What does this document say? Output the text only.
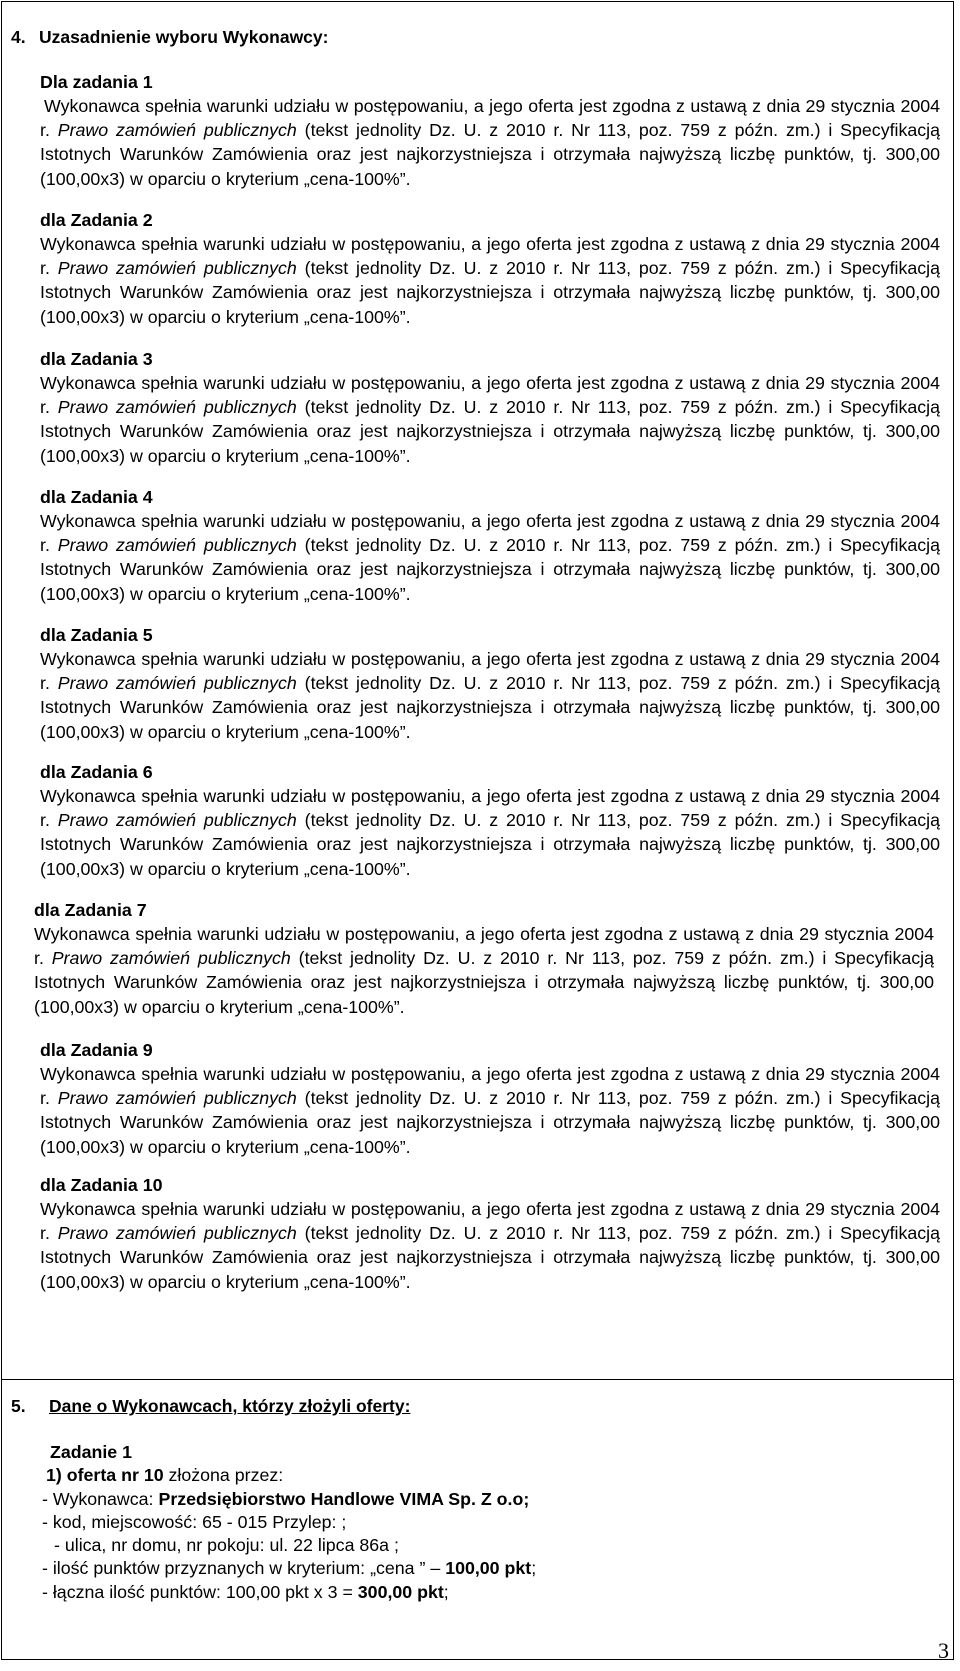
4. Uzasadnienie wyboru Wykonawcy:
Dla zadania 1
Wykonawca spełnia warunki udziału w postępowaniu, a jego oferta jest zgodna z ustawą z dnia 29 stycznia 2004 r. Prawo zamówień publicznych (tekst jednolity Dz. U. z 2010 r. Nr 113, poz. 759 z późn. zm.) i Specyfikacją Istotnych Warunków Zamówienia oraz jest najkorzystniejsza i otrzymała najwyższą liczbę punktów, tj. 300,00 (100,00x3) w oparciu o kryterium „cena-100%”.
dla Zadania 2
Wykonawca spełnia warunki udziału w postępowaniu, a jego oferta jest zgodna z ustawą z dnia 29 stycznia 2004 r. Prawo zamówień publicznych (tekst jednolity Dz. U. z 2010 r. Nr 113, poz. 759 z późn. zm.) i Specyfikacją Istotnych Warunków Zamówienia oraz jest najkorzystniejsza i otrzymała najwyższą liczbę punktów, tj. 300,00 (100,00x3) w oparciu o kryterium „cena-100%”.
dla Zadania 3
Wykonawca spełnia warunki udziału w postępowaniu, a jego oferta jest zgodna z ustawą z dnia 29 stycznia 2004 r. Prawo zamówień publicznych (tekst jednolity Dz. U. z 2010 r. Nr 113, poz. 759 z późn. zm.) i Specyfikacją Istotnych Warunków Zamówienia oraz jest najkorzystniejsza i otrzymała najwyższą liczbę punktów, tj. 300,00 (100,00x3) w oparciu o kryterium „cena-100%”.
dla Zadania 4
Wykonawca spełnia warunki udziału w postępowaniu, a jego oferta jest zgodna z ustawą z dnia 29 stycznia 2004 r. Prawo zamówień publicznych (tekst jednolity Dz. U. z 2010 r. Nr 113, poz. 759 z późn. zm.) i Specyfikacją Istotnych Warunków Zamówienia oraz jest najkorzystniejsza i otrzymała najwyższą liczbę punktów, tj. 300,00 (100,00x3) w oparciu o kryterium „cena-100%”.
dla Zadania 5
Wykonawca spełnia warunki udziału w postępowaniu, a jego oferta jest zgodna z ustawą z dnia 29 stycznia 2004 r. Prawo zamówień publicznych (tekst jednolity Dz. U. z 2010 r. Nr 113, poz. 759 z późn. zm.) i Specyfikacją Istotnych Warunków Zamówienia oraz jest najkorzystniejsza i otrzymała najwyższą liczbę punktów, tj. 300,00 (100,00x3) w oparciu o kryterium „cena-100%”.
dla Zadania 6
Wykonawca spełnia warunki udziału w postępowaniu, a jego oferta jest zgodna z ustawą z dnia 29 stycznia 2004 r. Prawo zamówień publicznych (tekst jednolity Dz. U. z 2010 r. Nr 113, poz. 759 z późn. zm.) i Specyfikacją Istotnych Warunków Zamówienia oraz jest najkorzystniejsza i otrzymała najwyższą liczbę punktów, tj. 300,00 (100,00x3) w oparciu o kryterium „cena-100%”.
dla Zadania 7
Wykonawca spełnia warunki udziału w postępowaniu, a jego oferta jest zgodna z ustawą z dnia 29 stycznia 2004 r. Prawo zamówień publicznych (tekst jednolity Dz. U. z 2010 r. Nr 113, poz. 759 z późn. zm.) i Specyfikacją Istotnych Warunków Zamówienia oraz jest najkorzystniejsza i otrzymała najwyższą liczbę punktów, tj. 300,00 (100,00x3) w oparciu o kryterium „cena-100%”.
dla Zadania 9
Wykonawca spełnia warunki udziału w postępowaniu, a jego oferta jest zgodna z ustawą z dnia 29 stycznia 2004 r. Prawo zamówień publicznych (tekst jednolity Dz. U. z 2010 r. Nr 113, poz. 759 z późn. zm.) i Specyfikacją Istotnych Warunków Zamówienia oraz jest najkorzystniejsza i otrzymała najwyższą liczbę punktów, tj. 300,00 (100,00x3) w oparciu o kryterium „cena-100%”.
dla Zadania 10
Wykonawca spełnia warunki udziału w postępowaniu, a jego oferta jest zgodna z ustawą z dnia 29 stycznia 2004 r. Prawo zamówień publicznych (tekst jednolity Dz. U. z 2010 r. Nr 113, poz. 759 z późn. zm.) i Specyfikacją Istotnych Warunków Zamówienia oraz jest najkorzystniejsza i otrzymała najwyższą liczbę punktów, tj. 300,00 (100,00x3) w oparciu o kryterium „cena-100%”.
5. Dane o Wykonawcach, którzy złożyli oferty:
Zadanie 1
1) oferta nr 10 złożona przez:
- Wykonawca: Przedsiębiorstwo Handlowe VIMA Sp. Z o.o;
- kod, miejscowość: 65 - 015 Przylep: ;
- ulica, nr domu, nr pokoju: ul. 22 lipca 86a ;
- ilość punktów przyznanych w kryterium: „cena ” – 100,00 pkt;
- łączna ilość punktów: 100,00 pkt x 3 = 300,00 pkt;
3
